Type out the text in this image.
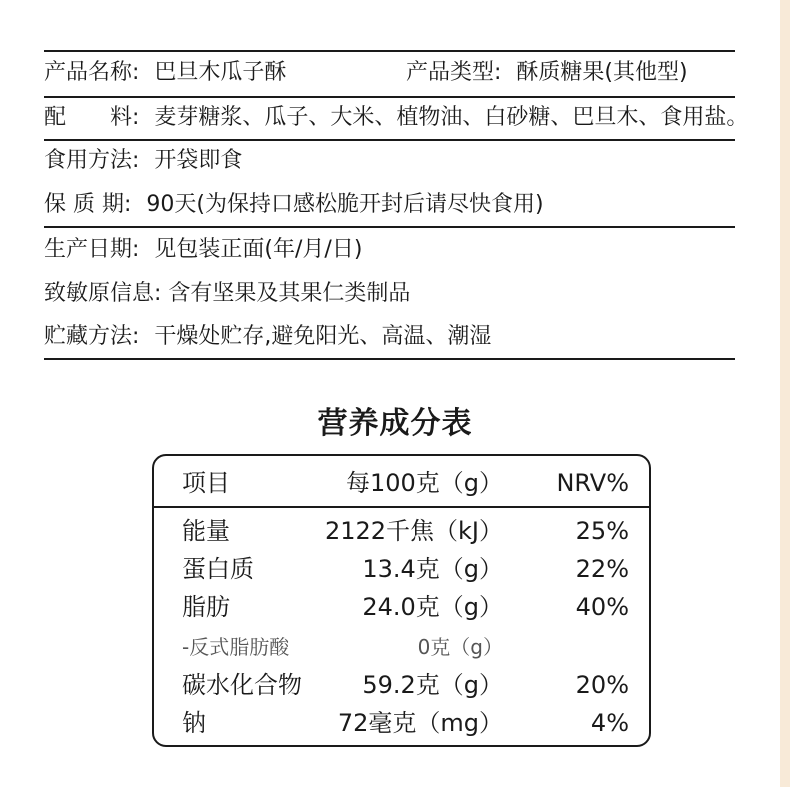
产品名称: 巴旦木瓜子酥	产品类型: 酥质糖果(其他型)
配　　料: 麦芽糖浆、瓜子、大米、植物油、白砂糖、巴旦木、食用盐。
食用方法: 开袋即食
保 质 期: 90天(为保持口感松脆开封后请尽快食用)
生产日期: 见包装正面(年/月/日)
致敏原信息: 含有坚果及其果仁类制品
贮藏方法: 干燥处贮存,避免阳光、高温、潮湿
营养成分表
项目	每100克（g） NRV%
能量	2122千焦（kJ）	25%
蛋白质	13.4克（g）	22%
脂肪	24.0克（g）	40%
-反式脂肪酸	0克（g）
碳水化合物	59.2克（g）	20%
钠	72毫克（mg）	4%
